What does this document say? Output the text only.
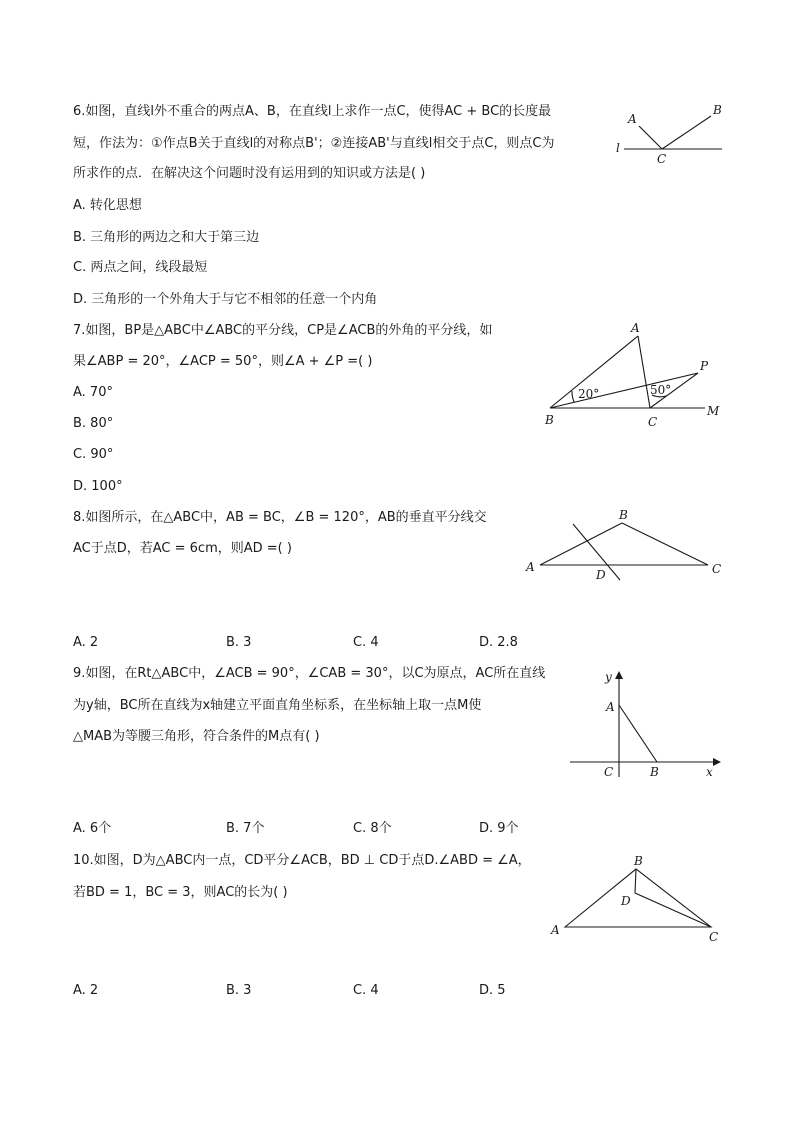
6.如图，直线l外不重合的两点A、B，在直线l上求作一点C，使得AC + BC的长度最
短，作法为：①作点B关于直线l的对称点B'；②连接AB'与直线l相交于点C，则点C为
所求作的点．在解决这个问题时没有运用到的知识或方法是( )
A. 转化思想
B. 三角形的两边之和大于第三边
C. 两点之间，线段最短
D. 三角形的一个外角大于与它不相邻的任意一个内角
l
A
B
C
7.如图，BP是△ABC中∠ABC的平分线，CP是∠ACB的外角的平分线，如
果∠ABP = 20°，∠ACP = 50°，则∠A + ∠P =( )
A. 70°
B. 80°
C. 90°
D. 100°
20°	50°
A
B	C
P
M
8.如图所示，在△ABC中，AB = BC，∠B = 120°，AB的垂直平分线交
AC于点D，若AC = 6cm，则AD =( )
A. 2	B. 3	C. 4	D. 2.8
A
B
C
D
9.如图，在Rt△ABC中，∠ACB = 90°，∠CAB = 30°，以C为原点，AC所在直线
为y轴，BC所在直线为x轴建立平面直角坐标系，在坐标轴上取一点M使
△MAB为等腰三角形，符合条件的M点有( )
A. 6个	B. 7个	C. 8个	D. 9个
y
x
A
B
C
10.如图，D为△ABC内一点，CD平分∠ACB，BD ⊥ CD于点D.∠ABD = ∠A，
若BD = 1，BC = 3，则AC的长为( )
A. 2	B. 3	C. 4	D. 5
A
B
C
D
